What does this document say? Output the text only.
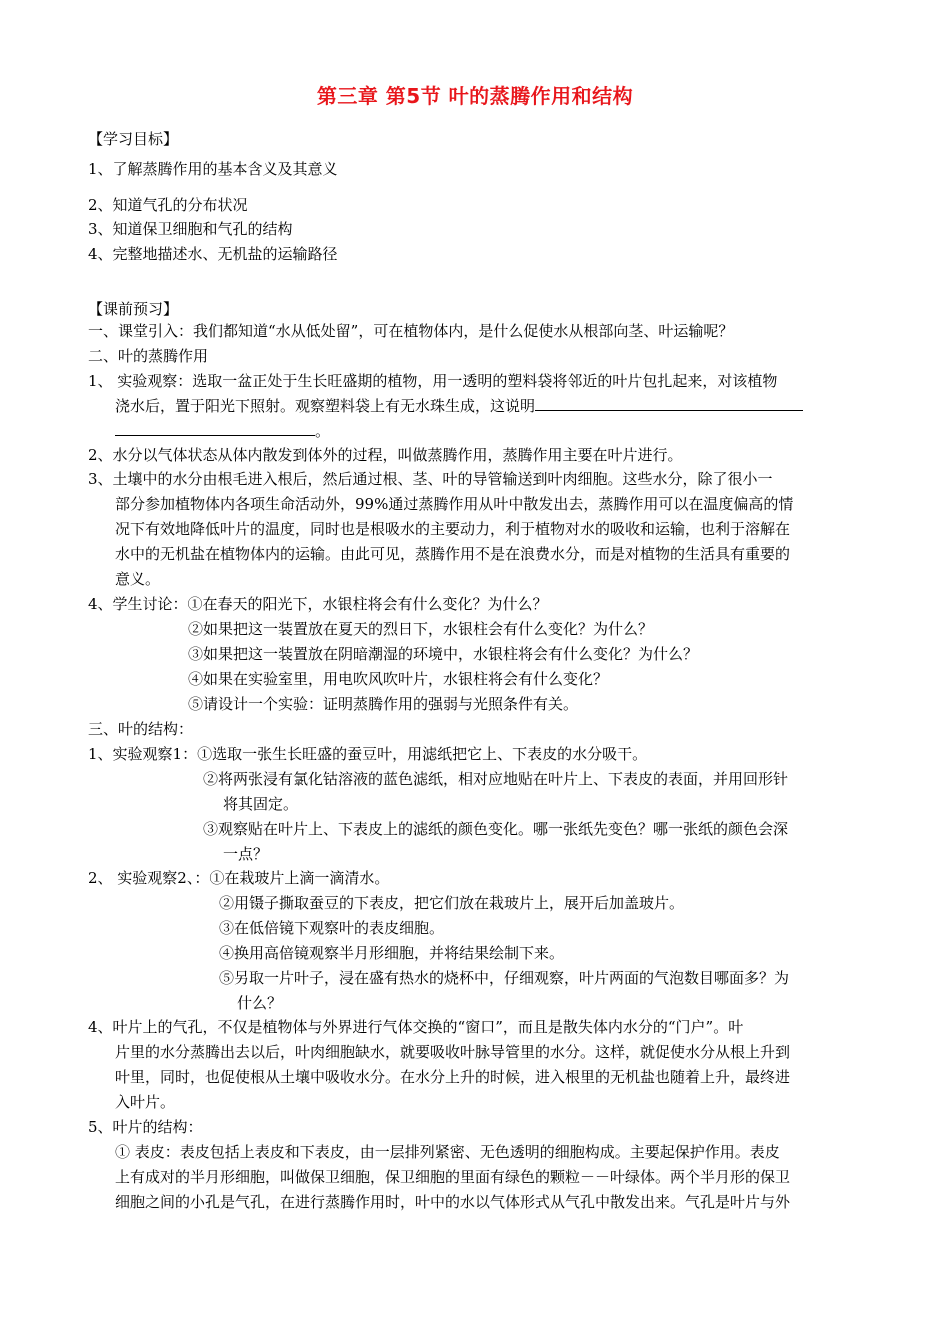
第三章 第5节 叶的蒸腾作用和结构
【学习目标】
1、了解蒸腾作用的基本含义及其意义
2、知道气孔的分布状况
3、知道保卫细胞和气孔的结构
4、完整地描述水、无机盐的运输路径
【课前预习】
一、课堂引入：我们都知道“水从低处留”，可在植物体内，是什么促使水从根部向茎、叶运输呢？
二、叶的蒸腾作用
1、 实验观察：选取一盆正处于生长旺盛期的植物，用一透明的塑料袋将邻近的叶片包扎起来，对该植物
浇水后，置于阳光下照射。观察塑料袋上有无水珠生成，这说明
。
2、水分以气体状态从体内散发到体外的过程，叫做蒸腾作用，蒸腾作用主要在叶片进行。
3、土壤中的水分由根毛进入根后，然后通过根、茎、叶的导管输送到叶肉细胞。这些水分，除了很小一
部分参加植物体内各项生命活动外，99%通过蒸腾作用从叶中散发出去，蒸腾作用可以在温度偏高的情
况下有效地降低叶片的温度，同时也是根吸水的主要动力，利于植物对水的吸收和运输，也利于溶解在
水中的无机盐在植物体内的运输。由此可见，蒸腾作用不是在浪费水分，而是对植物的生活具有重要的
意义。
4、学生讨论：①在春天的阳光下，水银柱将会有什么变化？为什么？
②如果把这一装置放在夏天的烈日下，水银柱会有什么变化？为什么？
③如果把这一装置放在阴暗潮湿的环境中，水银柱将会有什么变化？为什么？
④如果在实验室里，用电吹风吹叶片，水银柱将会有什么变化？
⑤请设计一个实验：证明蒸腾作用的强弱与光照条件有关。
三、叶的结构：
1、实验观察1：①选取一张生长旺盛的蚕豆叶，用滤纸把它上、下表皮的水分吸干。
②将两张浸有氯化钴溶液的蓝色滤纸，相对应地贴在叶片上、下表皮的表面，并用回形针
将其固定。
③观察贴在叶片上、下表皮上的滤纸的颜色变化。哪一张纸先变色？哪一张纸的颜色会深
一点？
2、 实验观察2、：①在栽玻片上滴一滴清水。
②用镊子撕取蚕豆的下表皮，把它们放在栽玻片上，展开后加盖玻片。
③在低倍镜下观察叶的表皮细胞。
④换用高倍镜观察半月形细胞，并将结果绘制下来。
⑤另取一片叶子，浸在盛有热水的烧杯中，仔细观察，叶片两面的气泡数目哪面多？为
什么？
4、叶片上的气孔，不仅是植物体与外界进行气体交换的“窗口”，而且是散失体内水分的“门户”。叶
片里的水分蒸腾出去以后，叶肉细胞缺水，就要吸收叶脉导管里的水分。这样，就促使水分从根上升到
叶里，同时，也促使根从土壤中吸收水分。在水分上升的时候，进入根里的无机盐也随着上升，最终进
入叶片。
5、叶片的结构：
① 表皮：表皮包括上表皮和下表皮，由一层排列紧密、无色透明的细胞构成。主要起保护作用。表皮
上有成对的半月形细胞，叫做保卫细胞，保卫细胞的里面有绿色的颗粒－－叶绿体。两个半月形的保卫
细胞之间的小孔是气孔，在进行蒸腾作用时，叶中的水以气体形式从气孔中散发出来。气孔是叶片与外
